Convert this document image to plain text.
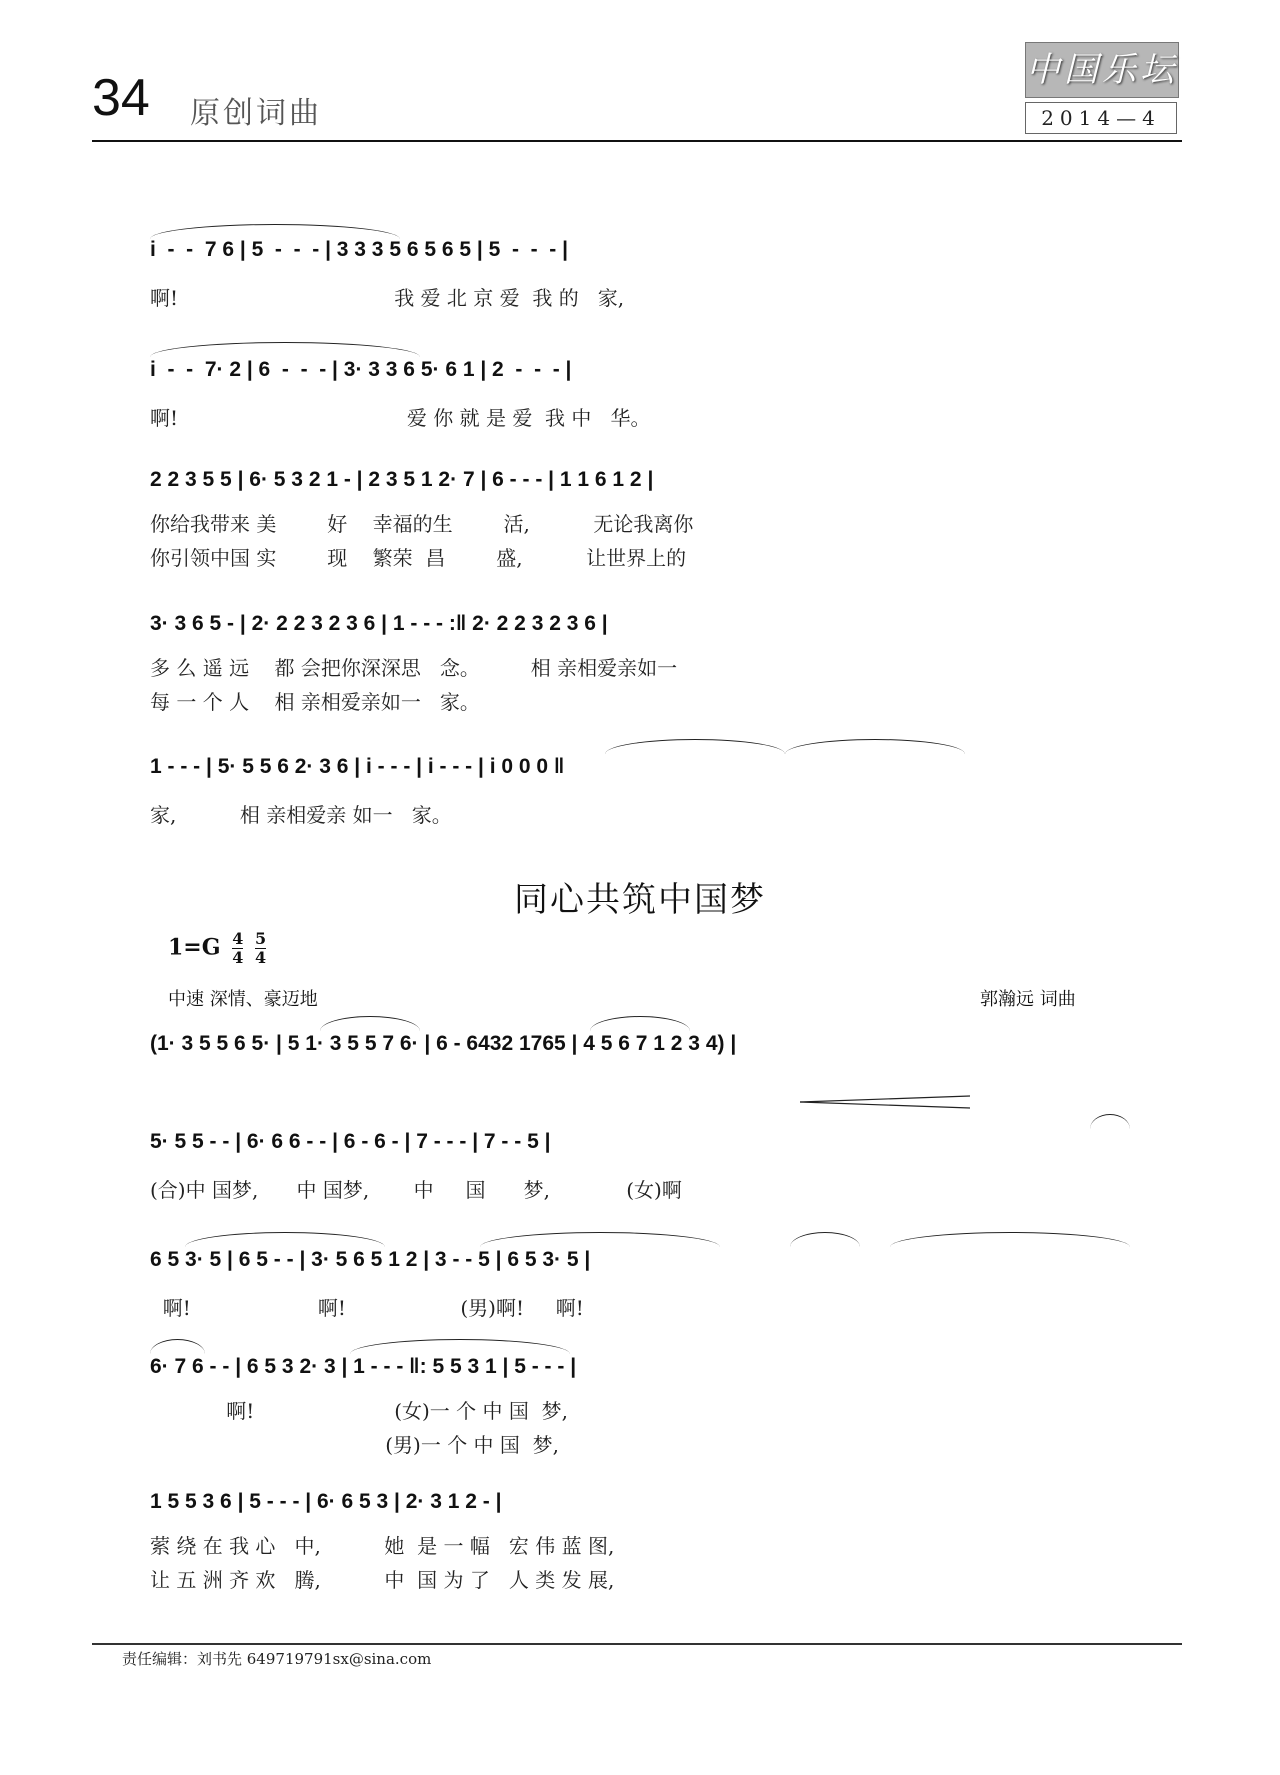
34 原创词曲
中国乐坛
2014—4
i  -  -  7 6 | 5  -  -  - | 3 3 3 5 6 5 6 5 | 5  -  -  - |
啊!                                  我 爱 北 京 爱  我 的   家,
i  -  -  7· 2 | 6  -  -  - | 3· 3 3 6 5· 6 1 | 2  -  -  - |
啊!                                    爱 你 就 是 爱  我 中   华。
2 2 3 5 5 | 6· 5 3 2 1 - | 2 3 5 1 2· 7 | 6 - - - | 1 1 6 1 2 |
你给我带来 美        好    幸福的生        活,          无论我离你
你引领中国 实        现    繁荣  昌        盛,          让世界上的
3· 3 6 5 - | 2· 2 2 3 2 3 6 | 1 - - - :‖ 2· 2 2 3 2 3 6 |
多 么 遥 远    都 会把你深深思   念。        相 亲相爱亲如一
每 一 个 人    相 亲相爱亲如一   家。
1 - - - | 5· 5 5 6 2· 3 6 | i - - - | i - - - | i 0 0 0 ‖
家,          相 亲相爱亲 如一   家。
同心共筑中国梦
$1=G \frac{4}{4}$
$\frac{5}{4}$
中速 深情、豪迈地	郭瀚远 词曲
(1· 3 5 5 6 5· | 5 1· 3 5 5 7 6· | 6 - 6432 1765 | 4 5 6 7 1 2 3 4) |
5· 5 5 - - | 6· 6 6 - - | 6 - 6 - | 7 - - - | 7 - - 5 |
(合)中 国梦,      中 国梦,       中     国      梦,            (女)啊
6 5 3· 5 | 6 5 - - | 3· 5 6 5 1 2 | 3 - - 5 | 6 5 3· 5 |
啊!                    啊!                  (男)啊!     啊!
6· 7 6 - - | 6 5 3 2· 3 | 1 - - - ‖: 5 5 3 1 | 5 - - - |
啊!                      (女)一 个 中 国  梦,
(男)一 个 中 国  梦,
1 5 5 3 6 | 5 - - - | 6· 6 5 3 | 2· 3 1 2 - |
萦 绕 在 我 心   中,          她  是 一 幅   宏 伟 蓝 图,
让 五 洲 齐 欢   腾,          中  国 为 了   人 类 发 展,
责任编辑：刘书先 649719791sx@sina.com
